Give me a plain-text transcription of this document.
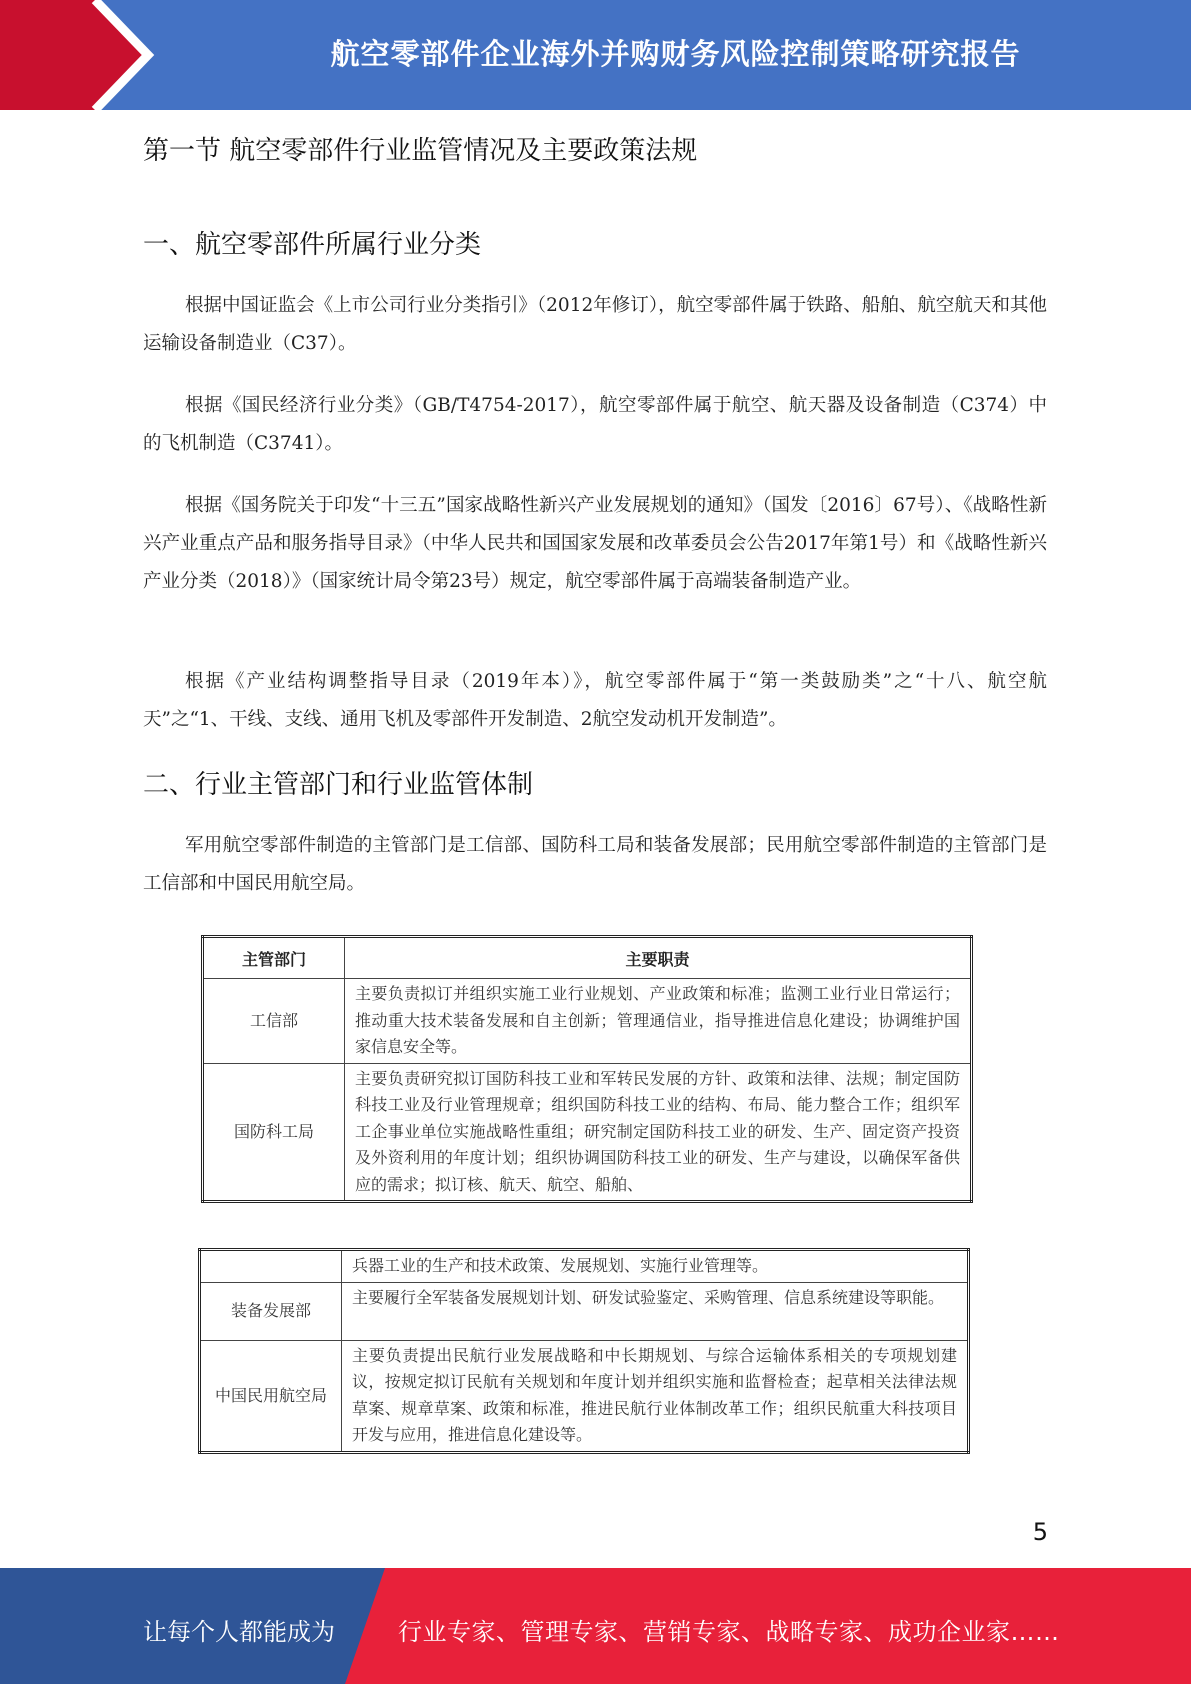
航空零部件企业海外并购财务风险控制策略研究报告
第一节 航空零部件行业监管情况及主要政策法规
一、航空零部件所属行业分类
根据中国证监会《上市公司行业分类指引》（2012年修订），航空零部件属于铁路、船舶、航空航天和其他运输设备制造业（C37）。
根据《国民经济行业分类》（GB/T4754-2017），航空零部件属于航空、航天器及设备制造（C374）中的飞机制造（C3741）。
根据《国务院关于印发“十三五”国家战略性新兴产业发展规划的通知》（国发〔2016〕67号）、《战略性新兴产业重点产品和服务指导目录》（中华人民共和国国家发展和改革委员会公告2017年第1号）和《战略性新兴产业分类（2018）》（国家统计局令第23号）规定，航空零部件属于高端装备制造产业。
根据《产业结构调整指导目录（2019年本）》，航空零部件属于“第一类鼓励类”之“十八、航空航天”之“1、干线、支线、通用飞机及零部件开发制造、2航空发动机开发制造”。
二、行业主管部门和行业监管体制
军用航空零部件制造的主管部门是工信部、国防科工局和装备发展部；民用航空零部件制造的主管部门是工信部和中国民用航空局。
主管部门	主要职责
工信部	主要负责拟订并组织实施工业行业规划、产业政策和标准；监测工业行业日常运行；推动重大技术装备发展和自主创新；管理通信业，指导推进信息化建设；协调维护国家信息安全等。
国防科工局	主要负责研究拟订国防科技工业和军转民发展的方针、政策和法律、法规；制定国防科技工业及行业管理规章；组织国防科技工业的结构、布局、能力整合工作；组织军工企事业单位实施战略性重组；研究制定国防科技工业的研发、生产、固定资产投资及外资利用的年度计划；组织协调国防科技工业的研发、生产与建设，以确保军备供应的需求；拟订核、航天、航空、船舶、
	兵器工业的生产和技术政策、发展规划、实施行业管理等。
装备发展部	主要履行全军装备发展规划计划、研发试验鉴定、采购管理、信息系统建设等职能。
中国民用航空局	主要负责提出民航行业发展战略和中长期规划、与综合运输体系相关的专项规划建议，按规定拟订民航有关规划和年度计划并组织实施和监督检查；起草相关法律法规草案、规章草案、政策和标准，推进民航行业体制改革工作；组织民航重大科技项目开发与应用，推进信息化建设等。
5
让每个人都能成为	行业专家、管理专家、营销专家、战略专家、成功企业家……
